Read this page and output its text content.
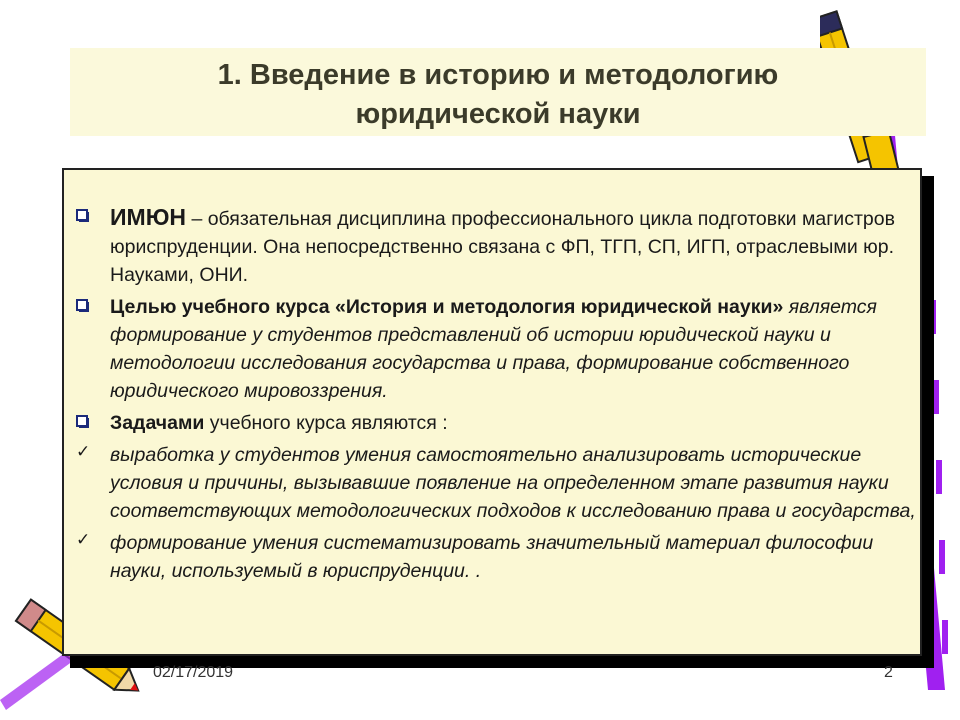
1. Введение в историю и методологию
юридической науки
ИМЮН – обязательная дисциплина профессионального цикла подготовки магистров юриспруденции. Она непосредственно связана с ФП, ТГП, СП, ИГП, отраслевыми юр. Науками, ОНИ.
Целью учебного курса «История и методология юридической науки» является формирование у студентов представлений об истории юридической науки и методологии исследования государства и права, формирование собственного юридического мировоззрения.
Задачами учебного курса являются :
✓ выработка у студентов умения самостоятельно анализировать исторические условия и причины, вызывавшие появление на определенном этапе развития науки соответствующих методологических подходов к исследованию права и государства,
✓ формирование умения систематизировать значительный материал философии науки, используемый в юриспруденции. .
02/17/2019	2
